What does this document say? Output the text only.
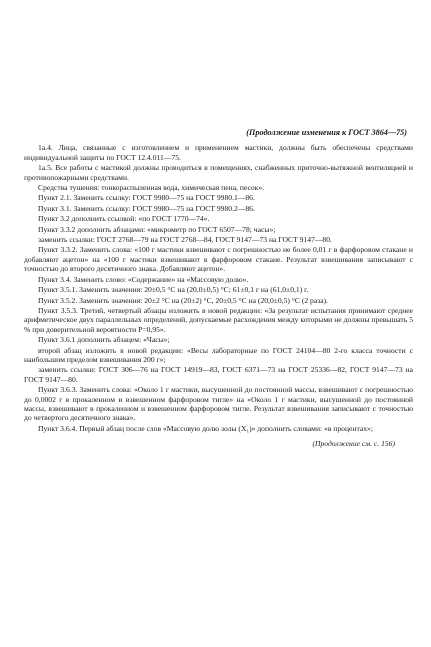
(Продолжение изменения к ГОСТ 3864—75)
1а.4. Лица, связанные с изготовлением и применением мастики, должны быть обеспечены средствами индивидуальной защиты по ГОСТ 12.4.011—75.
1а.5. Все работы с мастикой должны проводиться в помещениях, снабженных приточно-вытяжной вентиляцией и противопожарными средствами.
Средства тушения: тонкораспыленная вода, химическая пена, песок».
Пункт 2.1. Заменить ссылку: ГОСТ 9980—75 на ГОСТ 9980.1—86.
Пункт 3.1. Заменить ссылку: ГОСТ 9980—75 на ГОСТ 9980.2—86.
Пункт 3.2 дополнить ссылкой: «по ГОСТ 1770—74».
Пункт 3.3.2 дополнить абзацами: «микрометр по ГОСТ 6507—78; часы»;
заменить ссылки: ГОСТ 2768—79 на ГОСТ 2768—84, ГОСТ 9147—73 на ГОСТ 9147—80.
Пункт 3.3.2. Заменить слова: «100 г мастики взвешивают с погрешностью не более 0,01 г в фарфоровом стакане и добавляют ацетон» на «100 г мастики взвешивают в фарфоровом стакане. Результат взвешивания записывают с точностью до второго десятичного знака. Добавляют ацетон».
Пункт 3.4. Заменить слово: «Содержание» на «Массовую долю».
Пункт 3.5.1. Заменить значения: 20±0,5 °С на (20,0±0,5) °С; 61±0,1 г на (61,0±0,1) г.
Пункт 3.5.2. Заменить значения: 20±2 °С на (20±2) °С, 20±0,5 °С на (20,0±0,5) °С (2 раза).
Пункт 3.5.3. Третий, четвертый абзацы изложить в новой редакции: «За результат испытания принимают среднее арифметическое двух параллельных определений, допускаемые расхождения между которыми не должны превышать 5 % при доверительной вероятности Р=0,95».
Пункт 3.6.1 дополнить абзацем: «Часы»;
второй абзац изложить в новой редакции: «Весы лабораторные по ГОСТ 24104—80 2-го класса точности с наибольшим пределом взвешивания 200 г»;
заменить ссылки: ГОСТ 306—76 на ГОСТ 14919—83, ГОСТ 6371—73 на ГОСТ 25336—82, ГОСТ 9147—73 на ГОСТ 9147—80.
Пункт 3.6.3. Заменить слова: «Около 1 г мастики, высушенной до постоянной массы, взвешивают с погрешностью до 0,0002 г в прокаленном и взвешенном фарфоровом тигле» на «Около 1 г мастики, высушенной до постоянной массы, взвешивают в прокаленном и взвешенном фарфоровом тигле. Результат взвешивания записывают с точностью до четвертого десятичного знака».
Пункт 3.6.4. Первый абзац после слов «Массовую долю золы (Х₁)» дополнить словами: «в процентах»;
(Продолжение см. с. 156)
